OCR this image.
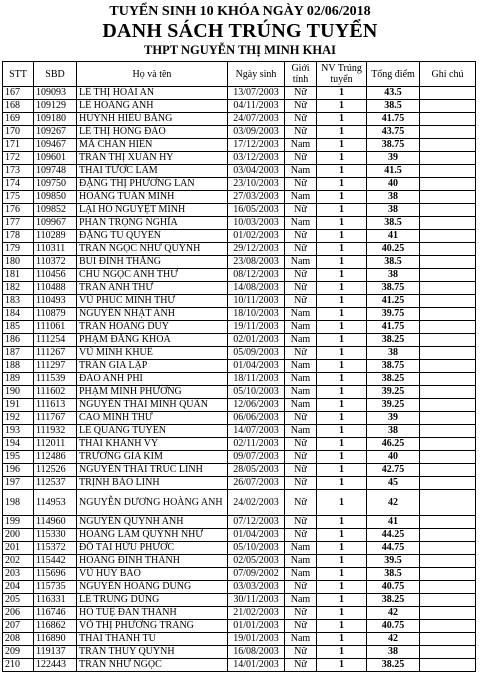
TUYỂN SINH 10 KHÓA NGÀY 02/06/2018
DANH SÁCH TRÚNG TUYỂN
THPT NGUYỄN THỊ MINH KHAI
STT	SBD	Họ và tên	Ngày sinh	Giới tính	NV Trúng tuyển	Tổng điểm	Ghi chú
167	109093	LÊ THỊ HOÀI AN	13/07/2003	Nữ	1	43.5	
168	109129	LÊ HOÀNG ANH	04/11/2003	Nữ	1	38.5	
169	109180	HUỲNH HIẾU BẰNG	24/07/2003	Nữ	1	41.75	
170	109267	LÊ THỊ HỒNG ĐÀO	03/09/2003	Nữ	1	43.75	
171	109467	MÃ CHẤN HIÊN	17/12/2003	Nam	1	38.75	
172	109601	TRẦN THỊ XUÂN HY	03/12/2003	Nữ	1	39	
173	109748	THÁI TƯỚC LÂM	03/04/2003	Nam	1	41.5	
174	109750	ĐẶNG THỊ PHƯƠNG LAN	23/10/2003	Nữ	1	40	
175	109850	HOÀNG TUẤN MINH	27/03/2003	Nam	1	38	
176	109852	LẠI HỒ NGUYỆT MINH	16/05/2003	Nữ	1	38	
177	109967	PHAN TRỌNG NGHĨA	10/03/2003	Nam	1	38.5	
178	110289	ĐẶNG TÚ QUYÊN	01/02/2003	Nữ	1	41	
179	110311	TRẦN NGỌC NHƯ QUỲNH	29/12/2003	Nữ	1	40.25	
180	110372	BÙI ĐÌNH THẮNG	23/08/2003	Nam	1	38.5	
181	110456	CHU NGỌC ANH THƯ	08/12/2003	Nữ	1	38	
182	110488	TRẦN ANH THƯ	14/08/2003	Nữ	1	38.75	
183	110493	VŨ PHÚC MINH THƯ	10/11/2003	Nữ	1	41.25	
184	110879	NGUYỄN NHẬT ANH	18/10/2003	Nam	1	39.75	
185	111061	TRẦN HOÀNG DUY	19/11/2003	Nam	1	41.75	
186	111254	PHẠM ĐĂNG KHOA	02/01/2003	Nam	1	38.25	
187	111267	VŨ MINH KHUÊ	05/09/2003	Nữ	1	38	
188	111297	TRẦN GIA LẬP	01/04/2003	Nam	1	38.75	
189	111539	ĐÀO ANH PHI	18/11/2003	Nam	1	38.25	
190	111602	PHẠM MINH PHƯƠNG	05/10/2003	Nam	1	39.25	
191	111613	NGUYỄN THÁI MINH QUÂN	12/06/2003	Nam	1	39.25	
192	111767	CAO MINH THƯ	06/06/2003	Nữ	1	39	
193	111932	LÊ QUANG TUYÊN	14/07/2003	Nam	1	38	
194	112011	THÁI KHÁNH VY	02/11/2003	Nữ	1	46.25	
195	112486	TRƯƠNG GIA KIM	09/07/2003	Nữ	1	40	
196	112526	NGUYỄN THÁI TRÚC LINH	28/05/2003	Nữ	1	42.75	
197	112537	TRỊNH BẢO LINH	26/07/2003	Nữ	1	45	
198	114953	NGUYỄN DƯƠNG HOÀNG ANH	24/02/2003	Nữ	1	42	
199	114960	NGUYỄN QUỲNH ANH	07/12/2003	Nữ	1	41	
200	115330	HOÀNG LÂM QUỲNH NHƯ	01/04/2003	Nữ	1	44.25	
201	115372	ĐỖ TÀI HỮU PHƯỚC	05/10/2003	Nam	1	44.75	
202	115442	HOÀNG ĐÌNH THÀNH	02/05/2003	Nam	1	39.5	
203	115696	VŨ HUY BẢO	07/09/2002	Nam	1	38.5	
204	115735	NGUYỄN HOÀNG DUNG	03/03/2003	Nữ	1	40.75	
205	116331	LÊ TRUNG DŨNG	30/11/2003	Nam	1	38.25	
206	116746	HỒ TUỆ ĐAN THANH	21/02/2003	Nữ	1	42	
207	116862	VÕ THỊ PHƯƠNG TRANG	01/01/2003	Nữ	1	40.75	
208	116890	THÁI THANH TÚ	19/01/2003	Nam	1	42	
209	119137	TRẦN THÚY QUỲNH	16/08/2003	Nữ	1	38	
210	122443	TRẦN NHƯ NGỌC	14/01/2003	Nữ	1	38.25	
